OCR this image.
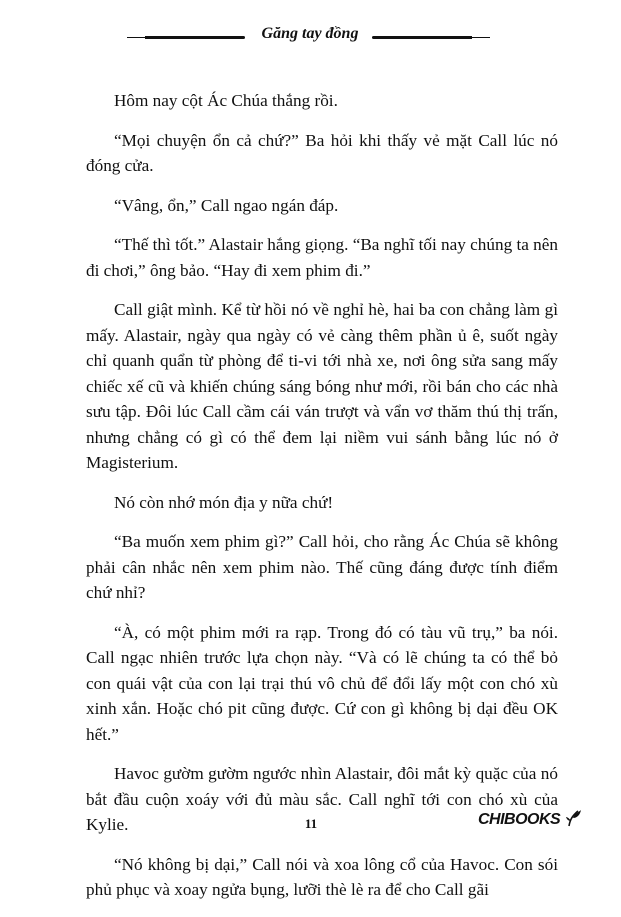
Găng tay đồng

Hôm nay cột Ác Chúa thắng rồi.

“Mọi chuyện ổn cả chứ?” Ba hỏi khi thấy vẻ mặt Call lúc nó đóng cửa.

“Vâng, ổn,” Call ngao ngán đáp.

“Thế thì tốt.” Alastair hắng giọng. “Ba nghĩ tối nay chúng ta nên đi chơi,” ông bảo. “Hay đi xem phim đi.”

Call giật mình. Kể từ hồi nó về nghỉ hè, hai ba con chẳng làm gì mấy. Alastair, ngày qua ngày có vẻ càng thêm phần ủ ê, suốt ngày chỉ quanh quẩn từ phòng để ti-vi tới nhà xe, nơi ông sửa sang mấy chiếc xế cũ và khiến chúng sáng bóng như mới, rồi bán cho các nhà sưu tập. Đôi lúc Call cầm cái ván trượt và vẩn vơ thăm thú thị trấn, nhưng chẳng có gì có thể đem lại niềm vui sánh bằng lúc nó ở Magisterium.

Nó còn nhớ món địa y nữa chứ!

“Ba muốn xem phim gì?” Call hỏi, cho rằng Ác Chúa sẽ không phải cân nhắc nên xem phim nào. Thế cũng đáng được tính điểm chứ nhỉ?

“À, có một phim mới ra rạp. Trong đó có tàu vũ trụ,” ba nói. Call ngạc nhiên trước lựa chọn này. “Và có lẽ chúng ta có thể bỏ con quái vật của con lại trại thú vô chủ để đổi lấy một con chó xù xinh xắn. Hoặc chó pit cũng được. Cứ con gì không bị dại đều OK hết.”

Havoc gườm gườm ngước nhìn Alastair, đôi mắt kỳ quặc của nó bắt đầu cuộn xoáy với đủ màu sắc. Call nghĩ tới con chó xù của Kylie.

“Nó không bị dại,” Call nói và xoa lông cổ của Havoc. Con sói phủ phục và xoay ngửa bụng, lưỡi thè lè ra để cho Call gãi

11	CHIBOOKS
